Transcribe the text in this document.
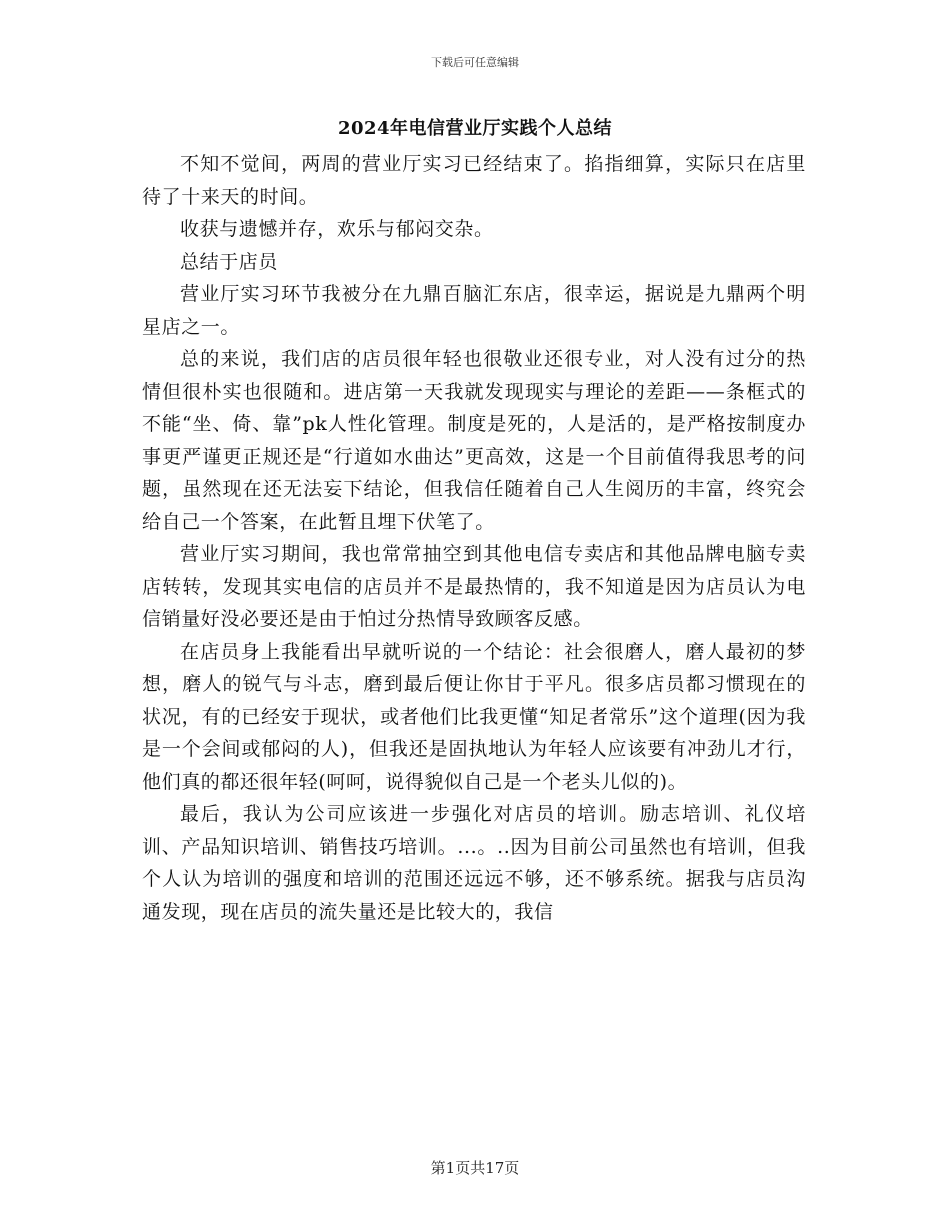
下载后可任意编辑
2024年电信营业厅实践个人总结

不知不觉间，两周的营业厅实习已经结束了。掐指细算，实际只在店里待了十来天的时间。

收获与遗憾并存，欢乐与郁闷交杂。

总结于店员

营业厅实习环节我被分在九鼎百脑汇东店，很幸运，据说是九鼎两个明星店之一。

总的来说，我们店的店员很年轻也很敬业还很专业，对人没有过分的热情但很朴实也很随和。进店第一天我就发现现实与理论的差距——条框式的不能“坐、倚、靠”pk人性化管理。制度是死的，人是活的，是严格按制度办事更严谨更正规还是“行道如水曲达”更高效，这是一个目前值得我思考的问题，虽然现在还无法妄下结论，但我信任随着自己人生阅历的丰富，终究会给自己一个答案，在此暂且埋下伏笔了。

营业厅实习期间，我也常常抽空到其他电信专卖店和其他品牌电脑专卖店转转，发现其实电信的店员并不是最热情的，我不知道是因为店员认为电信销量好没必要还是由于怕过分热情导致顾客反感。

在店员身上我能看出早就听说的一个结论：社会很磨人，磨人最初的梦想，磨人的锐气与斗志，磨到最后便让你甘于平凡。很多店员都习惯现在的状况，有的已经安于现状，或者他们比我更懂“知足者常乐”这个道理(因为我是一个会间或郁闷的人)，但我还是固执地认为年轻人应该要有冲劲儿才行，他们真的都还很年轻(呵呵，说得貌似自己是一个老头儿似的)。

最后，我认为公司应该进一步强化对店员的培训。励志培训、礼仪培训、产品知识培训、销售技巧培训。...。..因为目前公司虽然也有培训，但我个人认为培训的强度和培训的范围还远远不够，还不够系统。据我与店员沟通发现，现在店员的流失量还是比较大的，我信

第1页共17页
